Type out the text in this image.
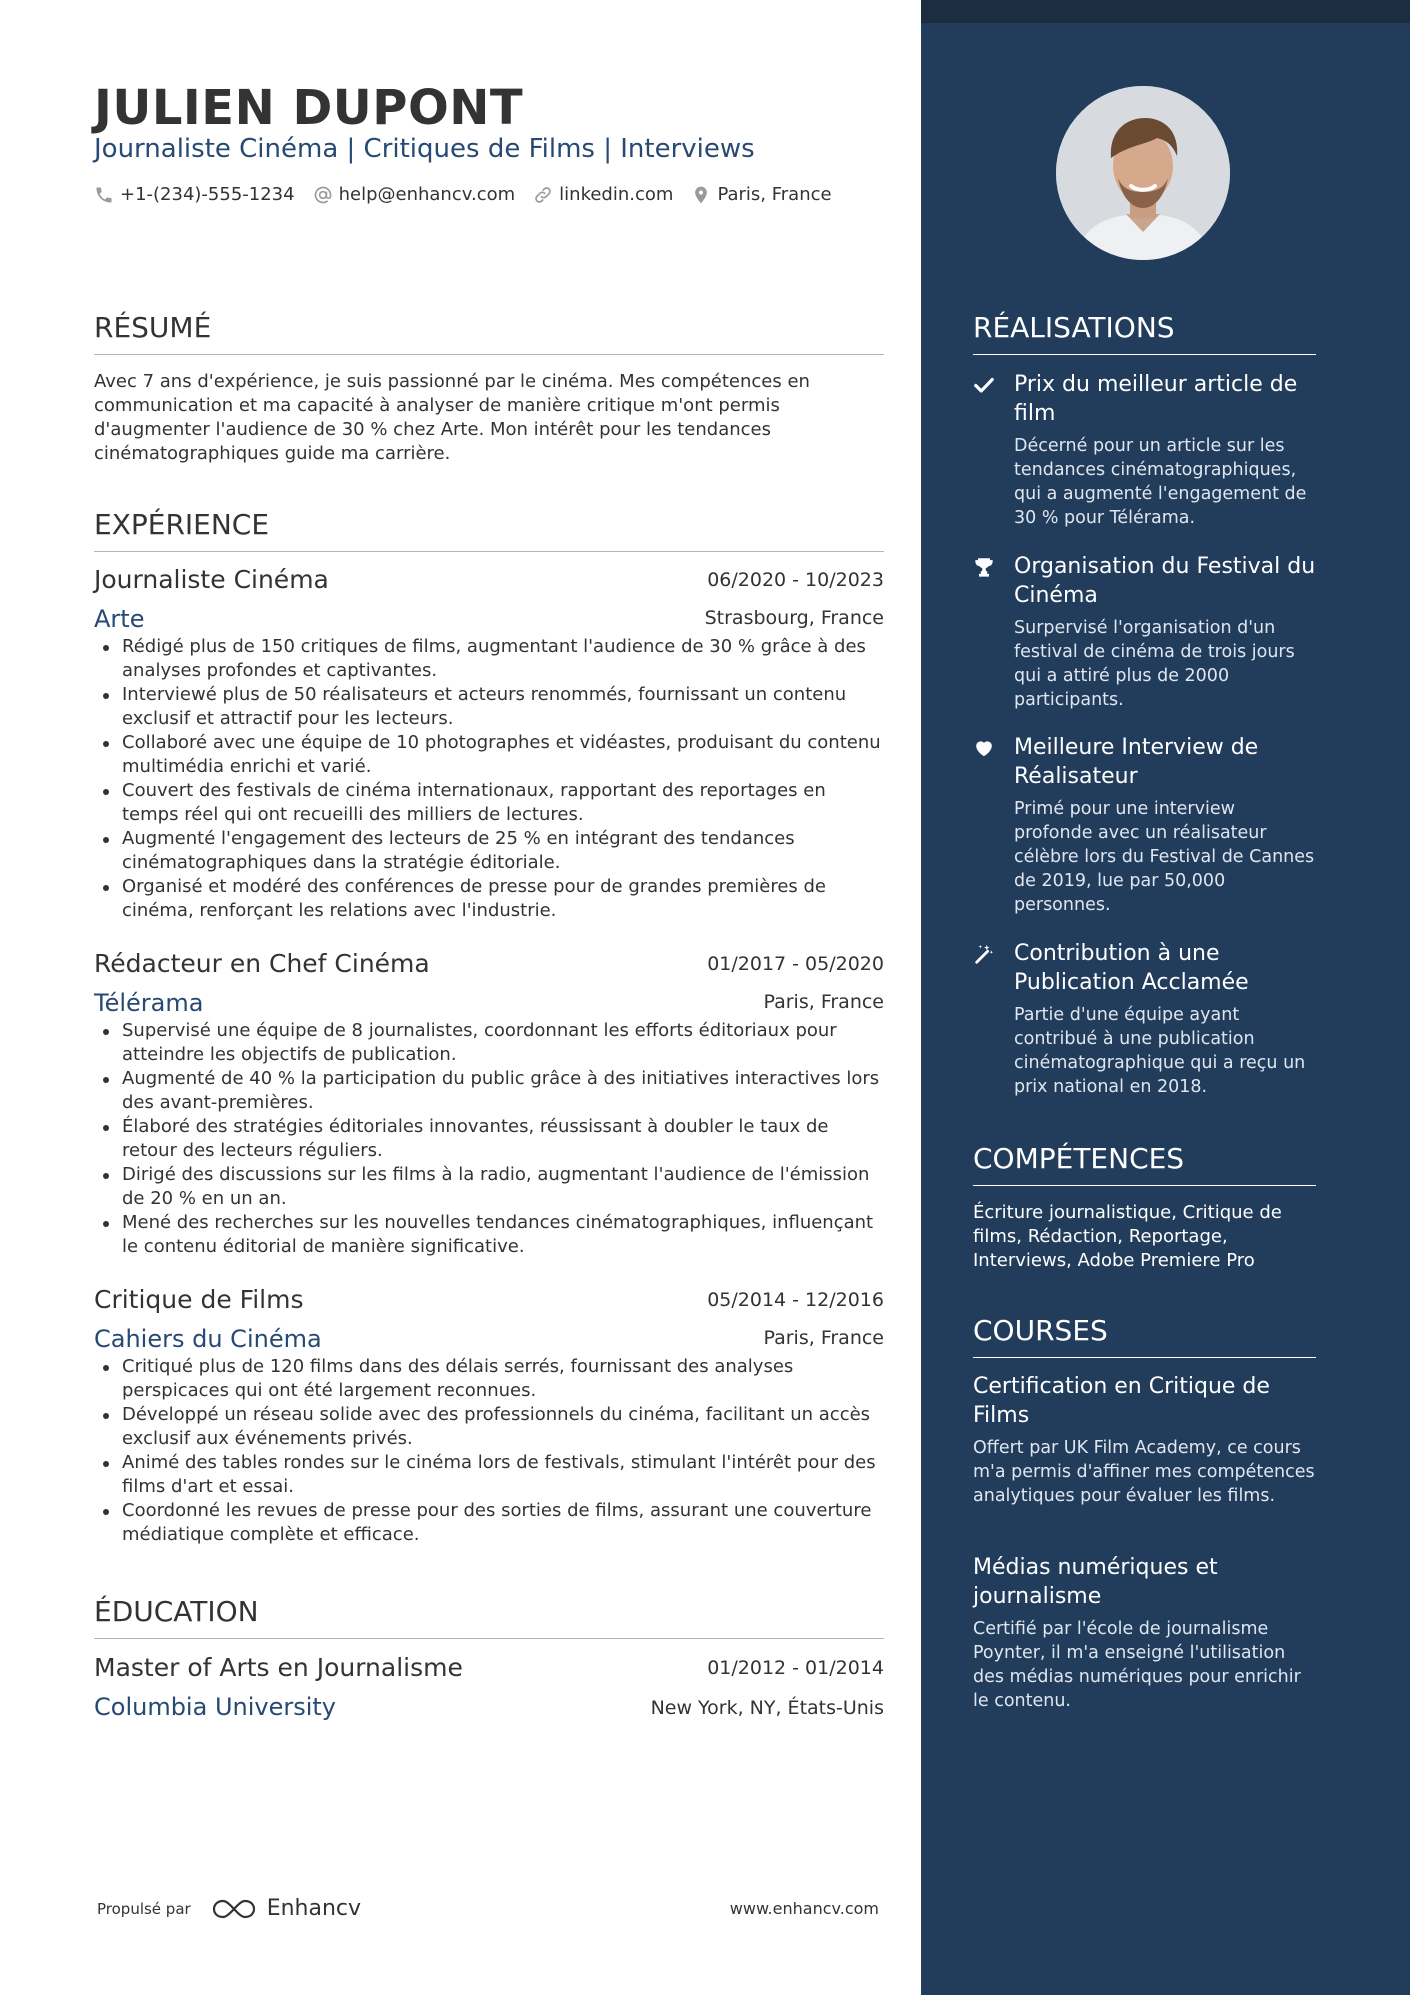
JULIEN DUPONT
Journaliste Cinéma | Critiques de Films | Interviews
+1-(234)-555-1234 help@enhancv.com linkedin.com Paris, France
RÉSUMÉ

Avec 7 ans d'expérience, je suis passionné par le cinéma. Mes compétences en communication et ma capacité à analyser de manière critique m'ont permis d'augmenter l'audience de 30 % chez Arte. Mon intérêt pour les tendances cinématographiques guide ma carrière.

EXPÉRIENCE
Journaliste Cinéma	06/2020 - 10/2023
Arte	Strasbourg, France
Rédigé plus de 150 critiques de films, augmentant l'audience de 30 % grâce à des analyses profondes et captivantes.
Interviewé plus de 50 réalisateurs et acteurs renommés, fournissant un contenu exclusif et attractif pour les lecteurs.
Collaboré avec une équipe de 10 photographes et vidéastes, produisant du contenu multimédia enrichi et varié.
Couvert des festivals de cinéma internationaux, rapportant des reportages en temps réel qui ont recueilli des milliers de lectures.
Augmenté l'engagement des lecteurs de 25 % en intégrant des tendances cinématographiques dans la stratégie éditoriale.
Organisé et modéré des conférences de presse pour de grandes premières de cinéma, renforçant les relations avec l'industrie.
Rédacteur en Chef Cinéma	01/2017 - 05/2020
Télérama	Paris, France
Supervisé une équipe de 8 journalistes, coordonnant les efforts éditoriaux pour atteindre les objectifs de publication.
Augmenté de 40 % la participation du public grâce à des initiatives interactives lors des avant-premières.
Élaboré des stratégies éditoriales innovantes, réussissant à doubler le taux de retour des lecteurs réguliers.
Dirigé des discussions sur les films à la radio, augmentant l'audience de l'émission de 20 % en un an.
Mené des recherches sur les nouvelles tendances cinématographiques, influençant le contenu éditorial de manière significative.
Critique de Films	05/2014 - 12/2016
Cahiers du Cinéma	Paris, France
Critiqué plus de 120 films dans des délais serrés, fournissant des analyses perspicaces qui ont été largement reconnues.
Développé un réseau solide avec des professionnels du cinéma, facilitant un accès exclusif aux événements privés.
Animé des tables rondes sur le cinéma lors de festivals, stimulant l'intérêt pour des films d'art et essai.
Coordonné les revues de presse pour des sorties de films, assurant une couverture médiatique complète et efficace.
ÉDUCATION
Master of Arts en Journalisme	01/2012 - 01/2014
Columbia University	New York, NY, États-Unis
Propulsé par	Enhancv	www.enhancv.com
RÉALISATIONS

Prix du meilleur article de film

Décerné pour un article sur les tendances cinématographiques, qui a augmenté l'engagement de 30 % pour Télérama.

Organisation du Festival du Cinéma

Surpervisé l'organisation d'un festival de cinéma de trois jours qui a attiré plus de 2000 participants.

Meilleure Interview de Réalisateur

Primé pour une interview profonde avec un réalisateur célèbre lors du Festival de Cannes de 2019, lue par 50,000 personnes.

Contribution à une Publication Acclamée

Partie d'une équipe ayant contribué à une publication cinématographique qui a reçu un prix national en 2018.

COMPÉTENCES

Écriture journalistique, Critique de films, Rédaction, Reportage, Interviews, Adobe Premiere Pro

COURSES

Certification en Critique de Films

Offert par UK Film Academy, ce cours m'a permis d'affiner mes compétences analytiques pour évaluer les films.

Médias numériques et journalisme

Certifié par l'école de journalisme Poynter, il m'a enseigné l'utilisation des médias numériques pour enrichir le contenu.
